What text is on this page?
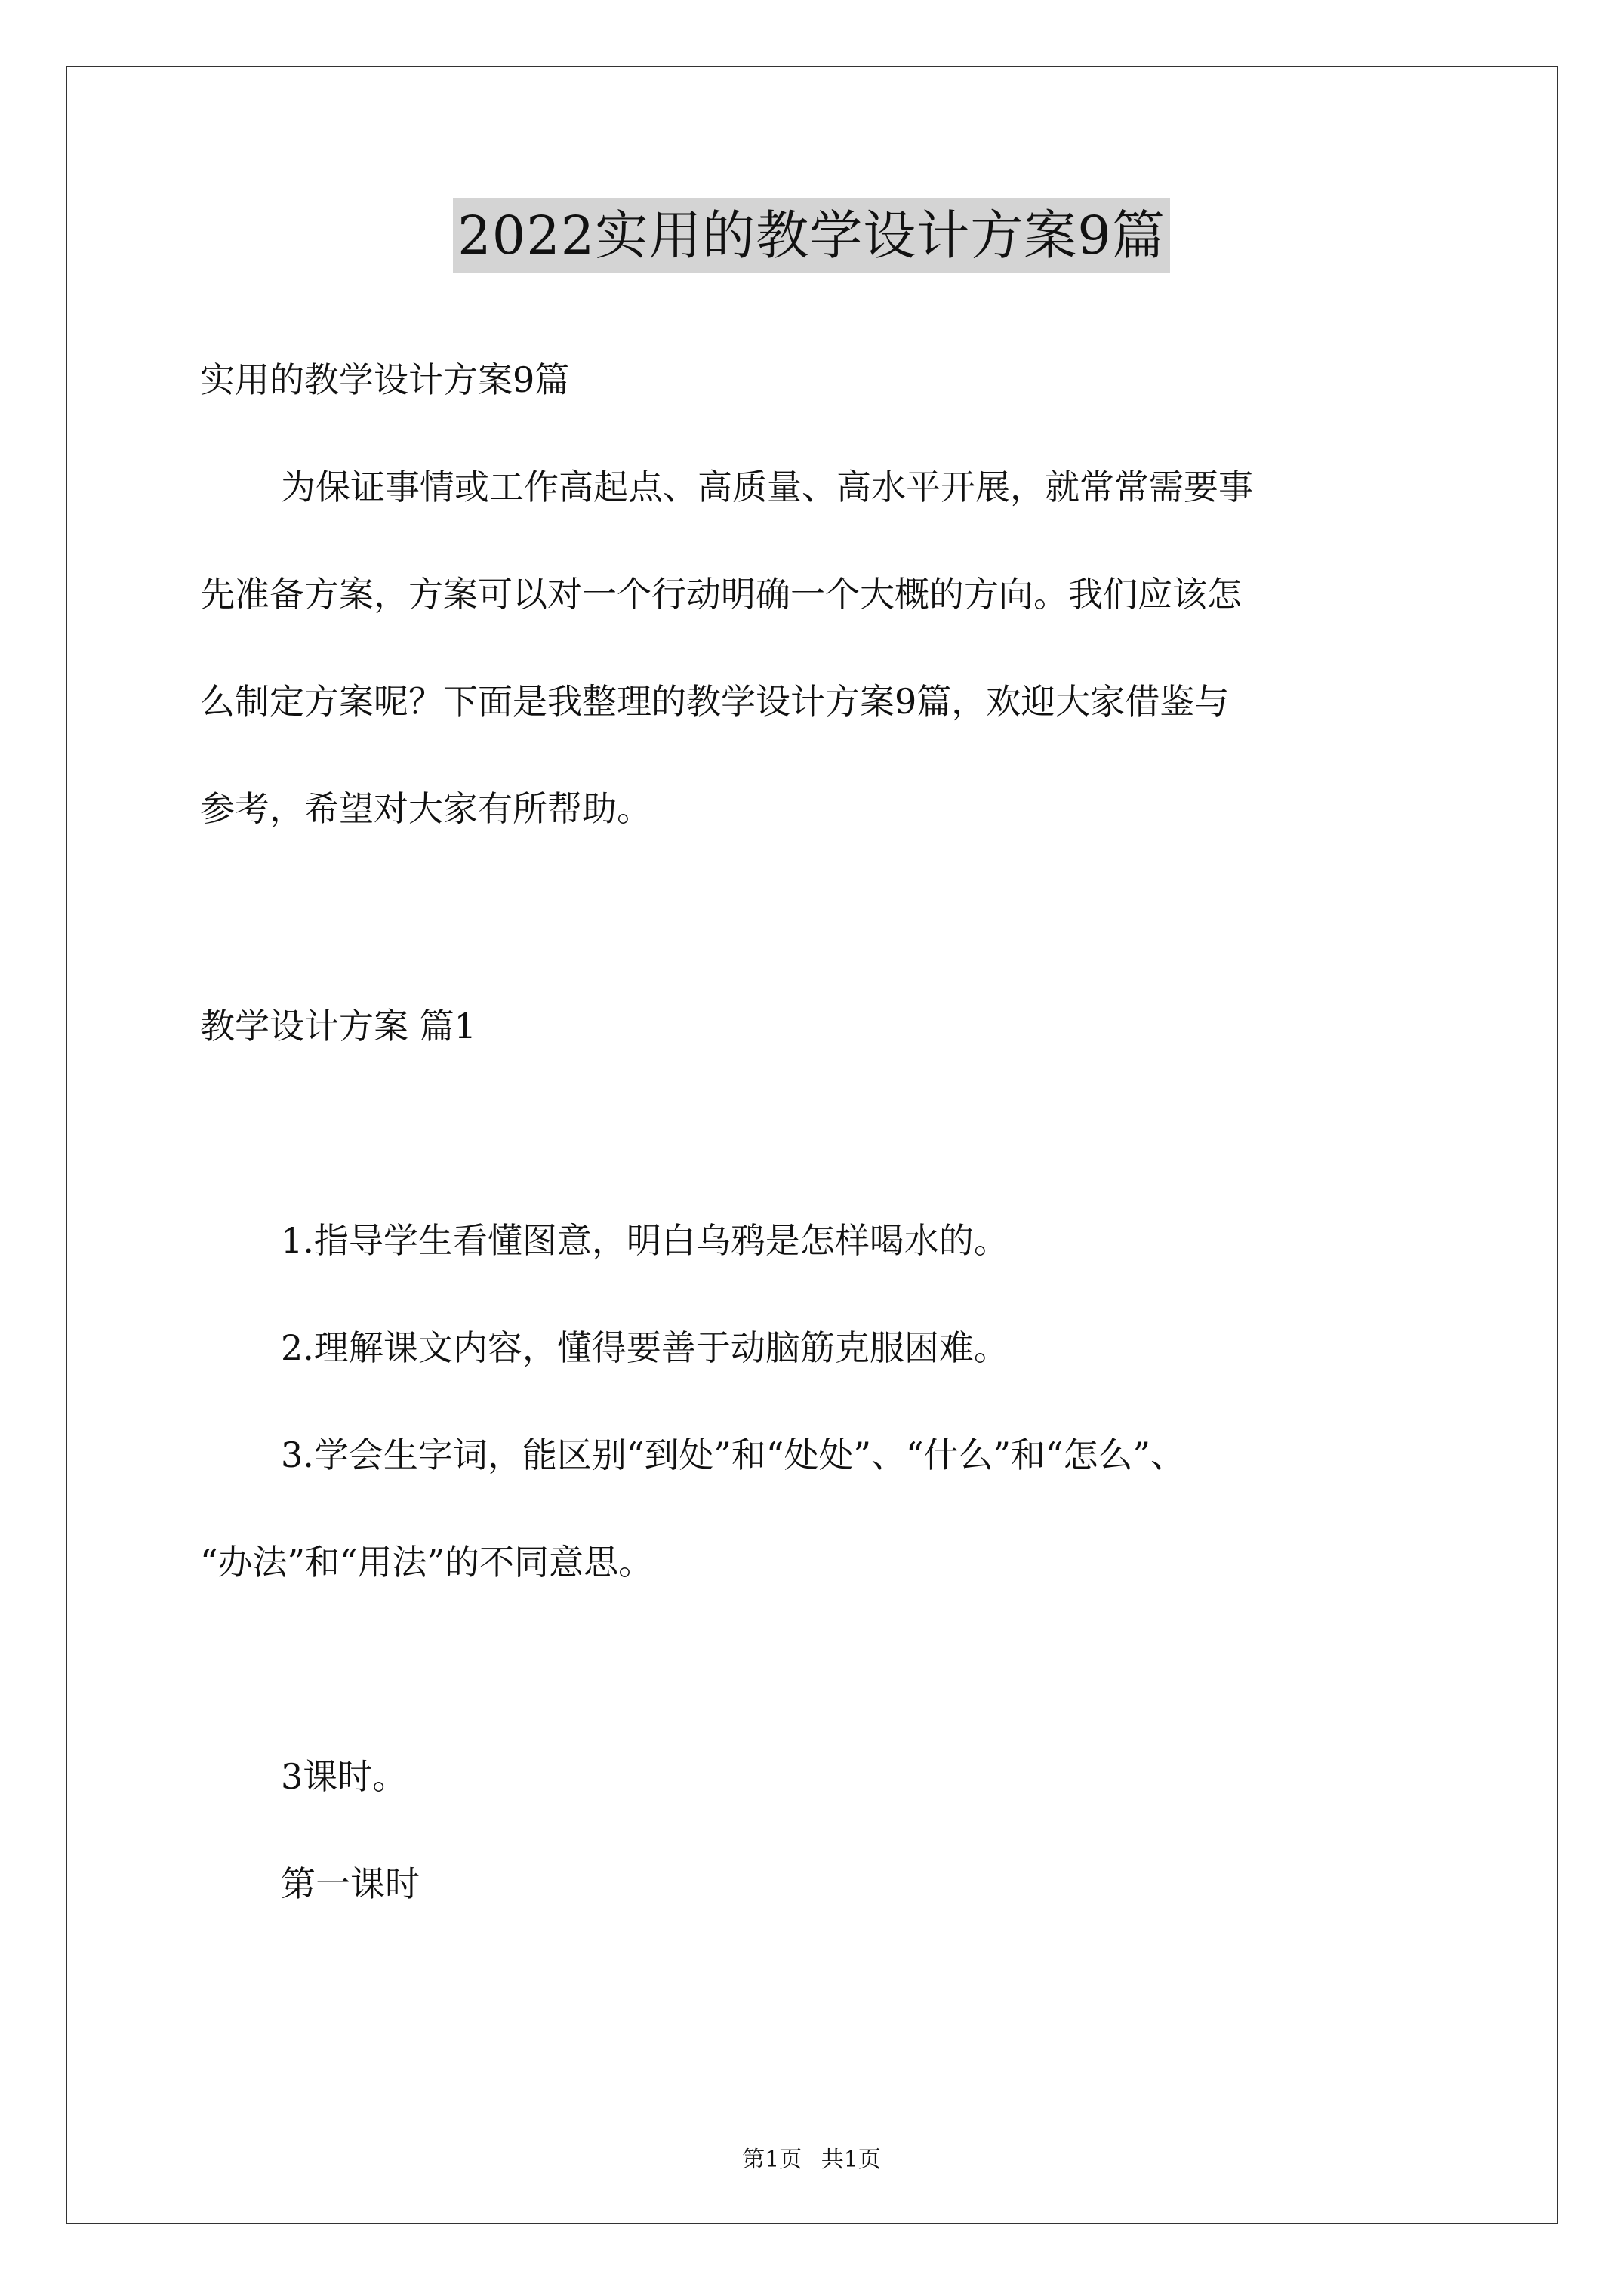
2022实用的教学设计方案9篇
实用的教学设计方案9篇
为保证事情或工作高起点、高质量、高水平开展，就常常需要事
先准备方案，方案可以对一个行动明确一个大概的方向。我们应该怎
么制定方案呢？下面是我整理的教学设计方案9篇，欢迎大家借鉴与
参考，希望对大家有所帮助。
教学设计方案 篇1
1.指导学生看懂图意，明白乌鸦是怎样喝水的。
2.理解课文内容，懂得要善于动脑筋克服困难。
3.学会生字词，能区别“到处”和“处处”、“什么”和“怎么”、
“办法”和“用法”的不同意思。
3课时。
第一课时
第1页 共1页
